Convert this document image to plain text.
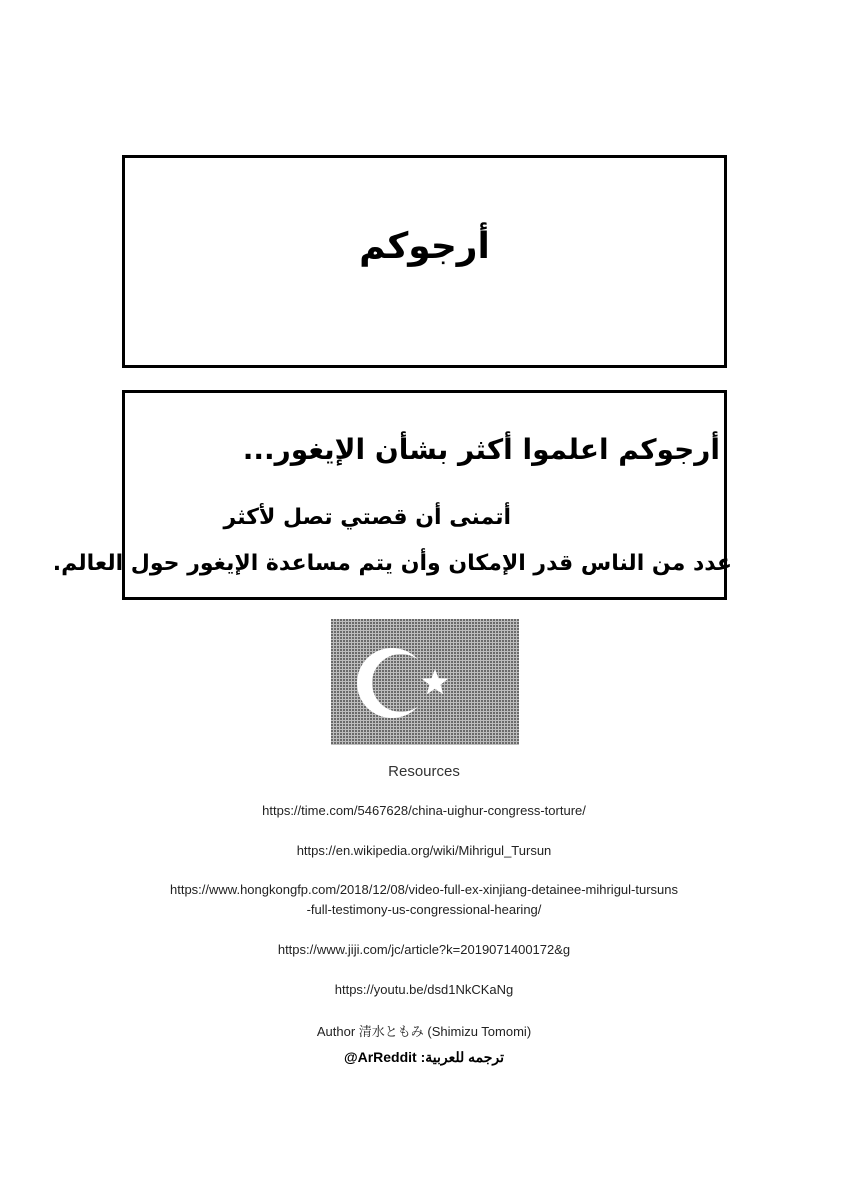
أرجوكم
أرجوكم اعلموا أكثر بشأن الإيغور...
أتمنى أن قصتي تصل لأكثر
عدد من الناس قدر الإمكان وأن يتم مساعدة الإيغور حول العالم.
Resources
https://time.com/5467628/china-uighur-congress-torture/
https://en.wikipedia.org/wiki/Mihrigul_Tursun
https://www.hongkongfp.com/2018/12/08/video-full-ex-xinjiang-detainee-mihrigul-tursuns
-full-testimony-us-congressional-hearing/
https://www.jiji.com/jc/article?k=2019071400172&g
https://youtu.be/dsd1NkCKaNg
Author 清水ともみ (Shimizu Tomomi)
@ArReddit ترجمه للعربية:
